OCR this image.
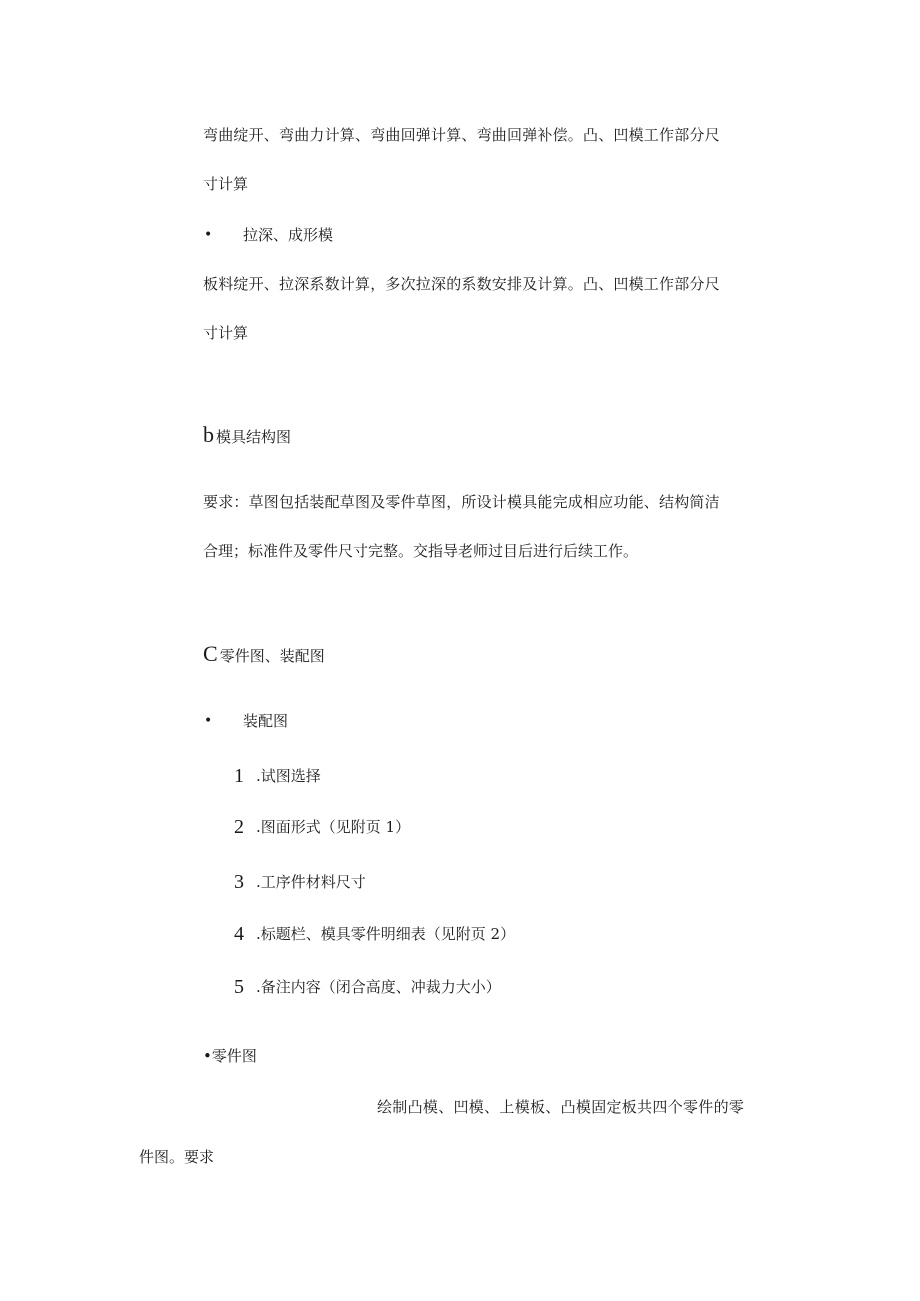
弯曲绽开、弯曲力计算、弯曲回弹计算、弯曲回弹补偿。凸、凹模工作部分尺
寸计算
• 拉深、成形模
板料绽开、拉深系数计算，多次拉深的系数安排及计算。凸、凹模工作部分尺
寸计算
b 模具结构图
要求：草图包括装配草图及零件草图，所设计模具能完成相应功能、结构简洁
合理；标准件及零件尺寸完整。交指导老师过目后进行后续工作。
C 零件图、装配图
• 装配图
1 .试图选择
2 .图面形式（见附页 1）
3 .工序件材料尺寸
4 .标题栏、模具零件明细表（见附页 2）
5 .备注内容（闭合高度、冲裁力大小）
•零件图
绘制凸模、凹模、上模板、凸模固定板共四个零件的零
件图。要求
